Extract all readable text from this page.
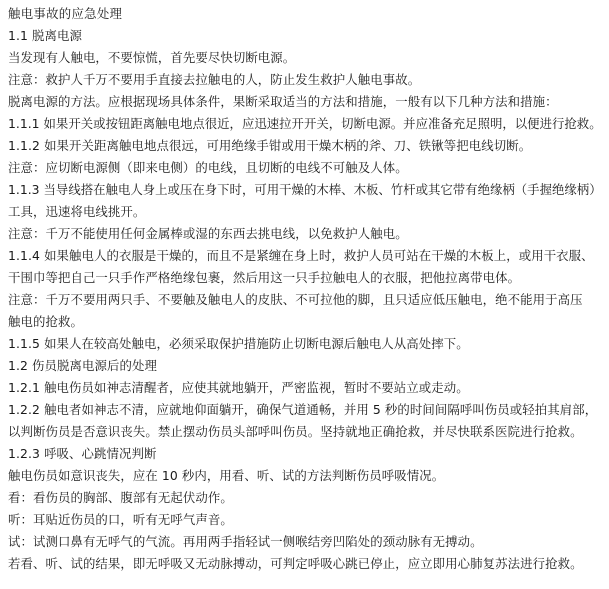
触电事故的应急处理
1.1 脱离电源
当发现有人触电，不要惊慌，首先要尽快切断电源。
注意：救护人千万不要用手直接去拉触电的人，防止发生救护人触电事故。
脱离电源的方法。应根据现场具体条件，果断采取适当的方法和措施，一般有以下几种方法和措施：
1.1.1 如果开关或按钮距离触电地点很近，应迅速拉开开关，切断电源。并应准备充足照明，以便进行抢救。
1.1.2 如果开关距离触电地点很远，可用绝缘手钳或用干燥木柄的斧、刀、铁锹等把电线切断。
注意：应切断电源侧（即来电侧）的电线，且切断的电线不可触及人体。
1.1.3 当导线搭在触电人身上或压在身下时，可用干燥的木棒、木板、竹杆或其它带有绝缘柄（手握绝缘柄）
工具，迅速将电线挑开。
注意：千万不能使用任何金属棒或湿的东西去挑电线，以免救护人触电。
1.1.4 如果触电人的衣服是干燥的，而且不是紧缠在身上时，救护人员可站在干燥的木板上，或用干衣服、
干围巾等把自己一只手作严格绝缘包裹，然后用这一只手拉触电人的衣服，把他拉离带电体。
注意：千万不要用两只手、不要触及触电人的皮肤、不可拉他的脚，且只适应低压触电，绝不能用于高压
触电的抢救。
1.1.5 如果人在较高处触电，必须采取保护措施防止切断电源后触电人从高处摔下。
1.2 伤员脱离电源后的处理
1.2.1 触电伤员如神志清醒者，应使其就地躺开，严密监视，暂时不要站立或走动。
1.2.2 触电者如神志不清，应就地仰面躺开，确保气道通畅，并用 5 秒的时间间隔呼叫伤员或轻拍其肩部，
以判断伤员是否意识丧失。禁止摆动伤员头部呼叫伤员。坚持就地正确抢救，并尽快联系医院进行抢救。
1.2.3 呼吸、心跳情况判断
触电伤员如意识丧失，应在 10 秒内，用看、听、试的方法判断伤员呼吸情况。
看：看伤员的胸部、腹部有无起伏动作。
听：耳贴近伤员的口，听有无呼气声音。
试：试测口鼻有无呼气的气流。再用两手指轻试一侧喉结旁凹陷处的颈动脉有无搏动。
若看、听、试的结果，即无呼吸又无动脉搏动，可判定呼吸心跳已停止，应立即用心肺复苏法进行抢救。
